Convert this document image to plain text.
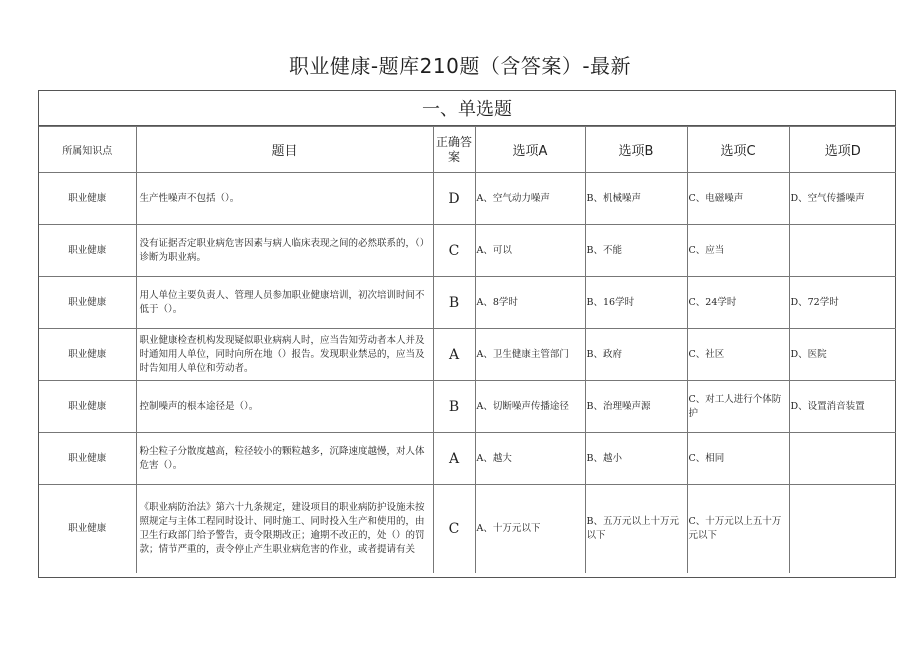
职业健康-题库210题（含答案）-最新
一、单选题
所属知识点	题目	正确答案	选项A	选项B	选项C	选项D
职业健康	生产性噪声不包括（）。	D	A、空气动力噪声	B、机械噪声	C、电磁噪声	D、空气传播噪声
职业健康	没有证据否定职业病危害因素与病人临床表现之间的必然联系的，（）诊断为职业病。	C	A、可以	B、不能	C、应当	
职业健康	用人单位主要负责人、管理人员参加职业健康培训，初次培训时间不低于（）。	B	A、8学时	B、16学时	C、24学时	D、72学时
职业健康	职业健康检查机构发现疑似职业病病人时，应当告知劳动者本人并及时通知用人单位，同时向所在地（）报告。发现职业禁忌的，应当及时告知用人单位和劳动者。	A	A、卫生健康主管部门	B、政府	C、社区	D、医院
职业健康	控制噪声的根本途径是（）。	B	A、切断噪声传播途径	B、治理噪声源	C、对工人进行个体防护	D、设置消音装置
职业健康	粉尘粒子分散度越高，粒径较小的颗粒越多，沉降速度越慢，对人体危害（）。	A	A、越大	B、越小	C、相同	
职业健康	《职业病防治法》第六十九条规定，建设项目的职业病防护设施未按照规定与主体工程同时设计、同时施工、同时投入生产和使用的，由卫生行政部门给予警告，责令限期改正；逾期不改正的，处（）的罚款；情节严重的，责令停止产生职业病危害的作业，或者提请有关	C	A、十万元以下	B、五万元以上十万元以下	C、十万元以上五十万元以下	
